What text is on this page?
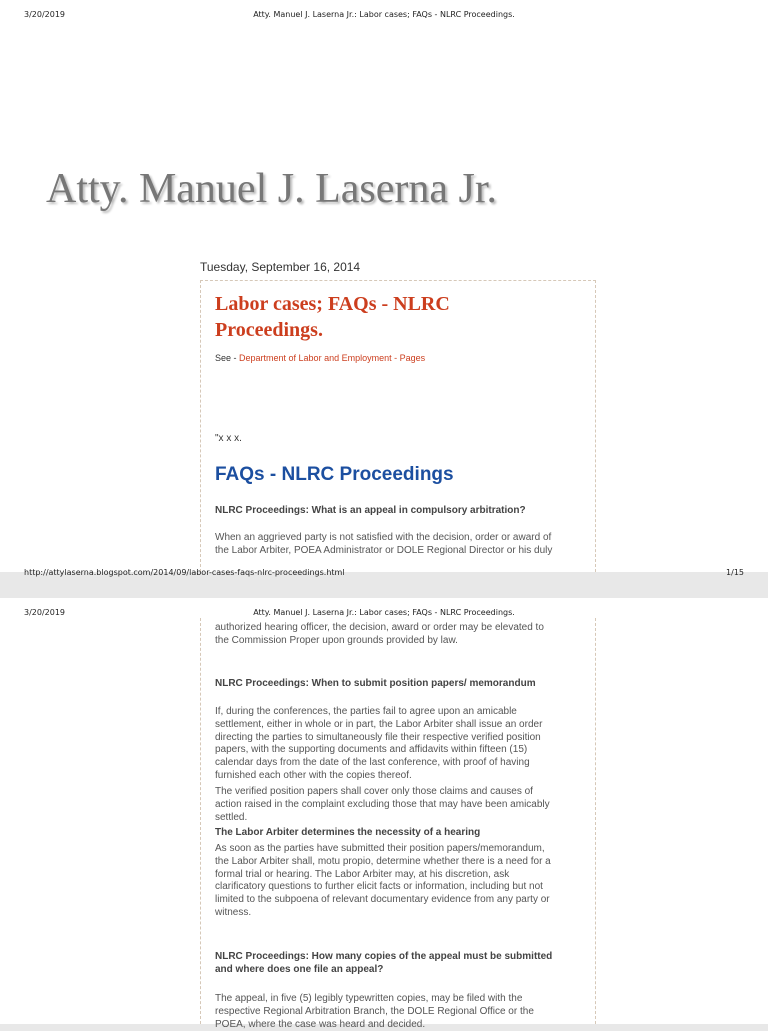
3/20/2019	Atty. Manuel J. Laserna Jr.: Labor cases; FAQs - NLRC Proceedings.
Atty. Manuel J. Laserna Jr.
Tuesday, September 16, 2014
Labor cases; FAQs - NLRC
Proceedings.
See - Department of Labor and Employment - Pages
"x x x.
FAQs - NLRC Proceedings

NLRC Proceedings: What is an appeal in compulsory arbitration?

When an aggrieved party is not satisfied with the decision, order or award of

the Labor Arbiter, POEA Administrator or DOLE Regional Director or his duly

http://attylaserna.blogspot.com/2014/09/labor-cases-faqs-nlrc-proceedings.html	1/15
3/20/2019	Atty. Manuel J. Laserna Jr.: Labor cases; FAQs - NLRC Proceedings.

authorized hearing officer, the decision, award or order may be elevated to

the Commission Proper upon grounds provided by law.

NLRC Proceedings: When to submit position papers/ memorandum

If, during the conferences, the parties fail to agree upon an amicable

settlement, either in whole or in part, the Labor Arbiter shall issue an order

directing the parties to simultaneously file their respective verified position

papers, with the supporting documents and affidavits within fifteen (15)

calendar days from the date of the last conference, with proof of having

furnished each other with the copies thereof.

The verified position papers shall cover only those claims and causes of

action raised in the complaint excluding those that may have been amicably

settled.

The Labor Arbiter determines the necessity of a hearing

As soon as the parties have submitted their position papers/memorandum,

the Labor Arbiter shall, motu propio, determine whether there is a need for a

formal trial or hearing. The Labor Arbiter may, at his discretion, ask

clarificatory questions to further elicit facts or information, including but not

limited to the subpoena of relevant documentary evidence from any party or

witness.

NLRC Proceedings: How many copies of the appeal must be submitted

and where does one file an appeal?

The appeal, in five (5) legibly typewritten copies, may be filed with the

respective Regional Arbitration Branch, the DOLE Regional Office or the

POEA, where the case was heard and decided.
